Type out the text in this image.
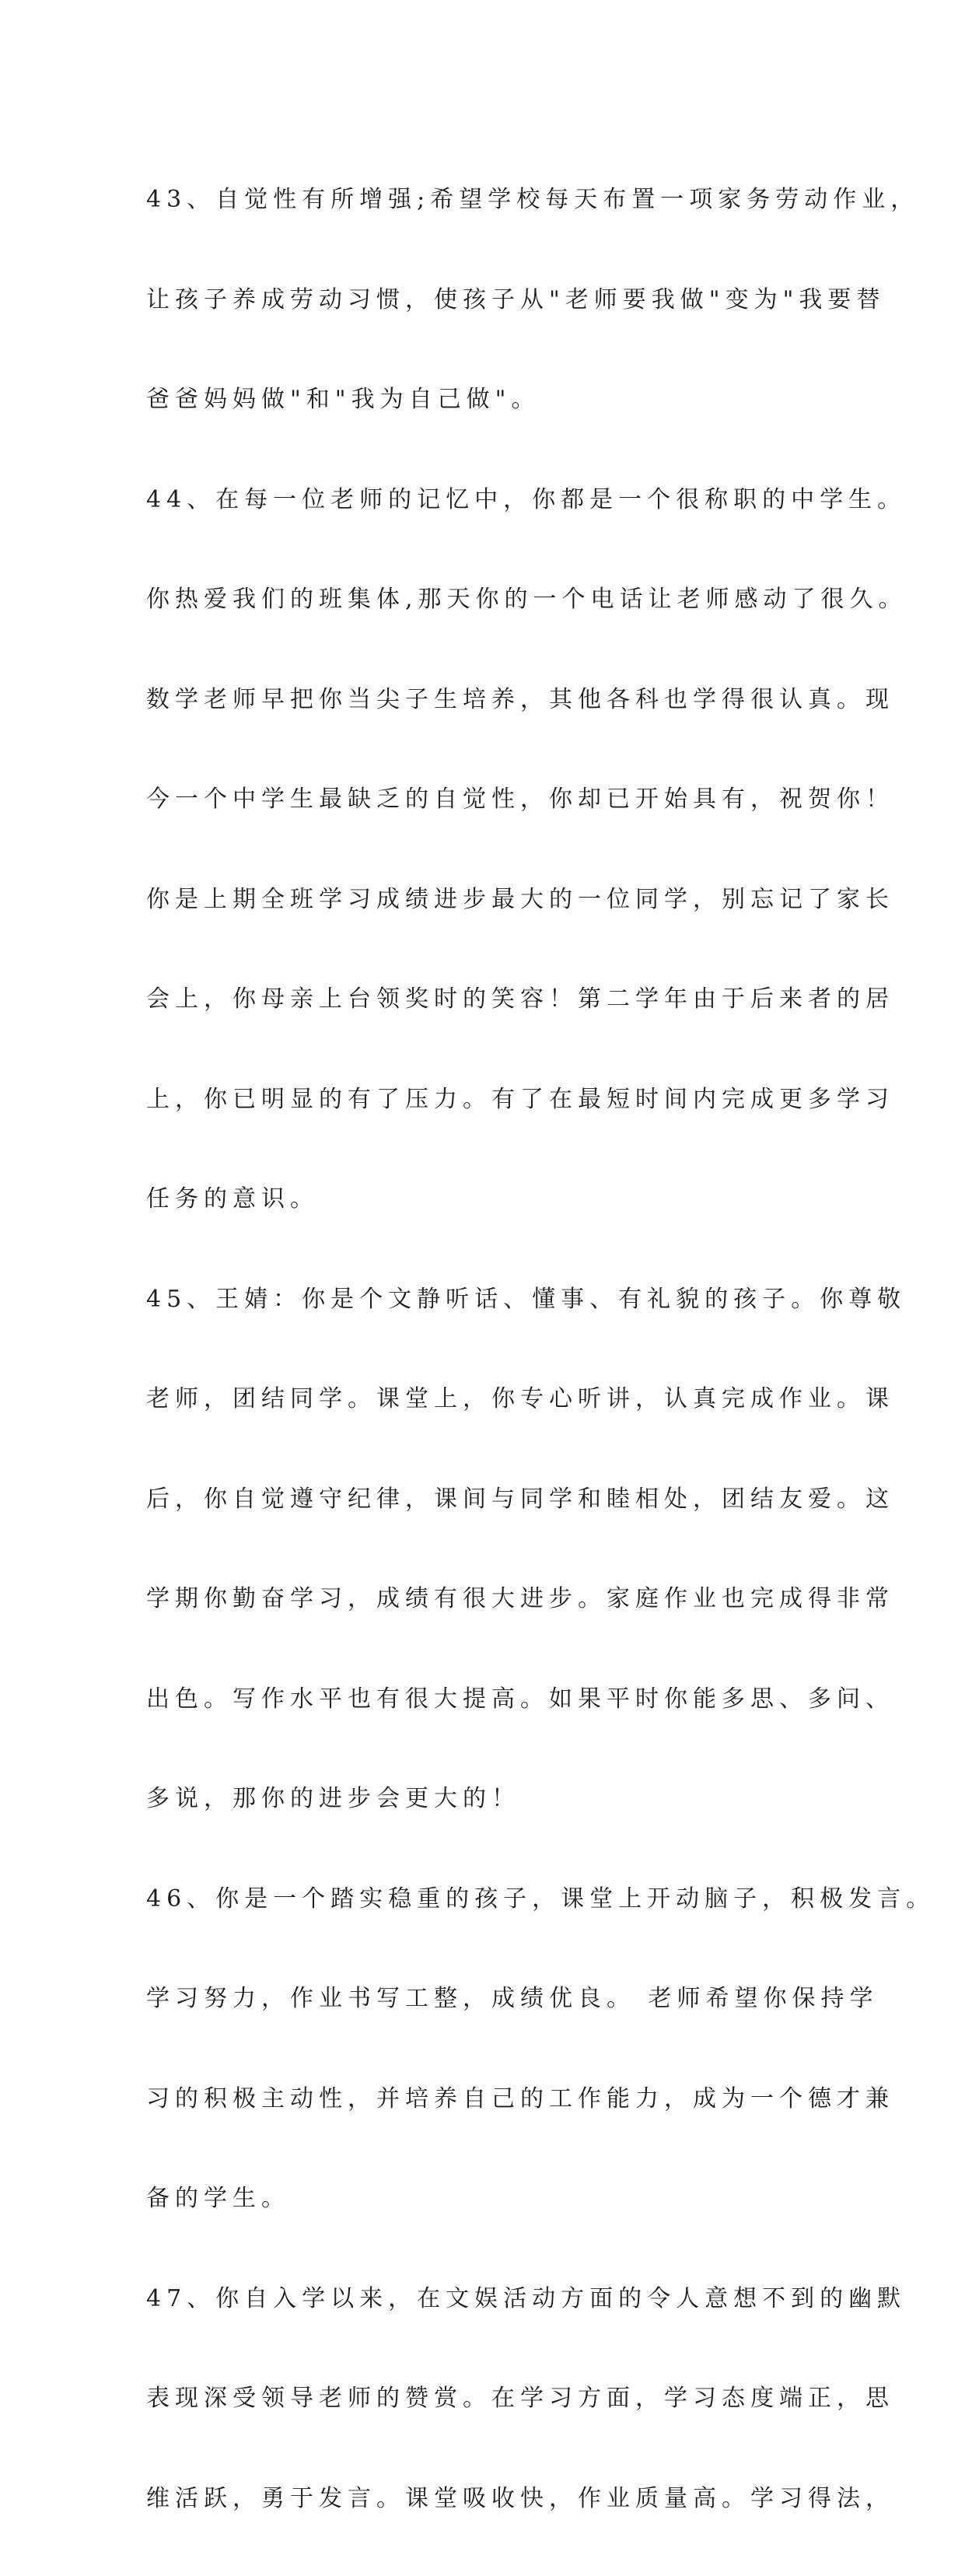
43、自觉性有所增强;希望学校每天布置一项家务劳动作业，

让孩子养成劳动习惯，使孩子从"老师要我做"变为"我要替

爸爸妈妈做"和"我为自己做"。

44、在每一位老师的记忆中，你都是一个很称职的中学生。

你热爱我们的班集体,那天你的一个电话让老师感动了很久。

数学老师早把你当尖子生培养，其他各科也学得很认真。现

今一个中学生最缺乏的自觉性，你却已开始具有，祝贺你！

你是上期全班学习成绩进步最大的一位同学，别忘记了家长

会上，你母亲上台领奖时的笑容！第二学年由于后来者的居

上，你已明显的有了压力。有了在最短时间内完成更多学习

任务的意识。

45、王婧：你是个文静听话、懂事、有礼貌的孩子。你尊敬

老师，团结同学。课堂上，你专心听讲，认真完成作业。课

后，你自觉遵守纪律，课间与同学和睦相处，团结友爱。这

学期你勤奋学习，成绩有很大进步。家庭作业也完成得非常

出色。写作水平也有很大提高。如果平时你能多思、多问、

多说，那你的进步会更大的！

46、你是一个踏实稳重的孩子，课堂上开动脑子，积极发言。

学习努力，作业书写工整，成绩优良。 老师希望你保持学

习的积极主动性，并培养自己的工作能力，成为一个德才兼

备的学生。

47、你自入学以来，在文娱活动方面的令人意想不到的幽默

表现深受领导老师的赞赏。在学习方面，学习态度端正，思

维活跃，勇于发言。课堂吸收快，作业质量高。学习得法，
